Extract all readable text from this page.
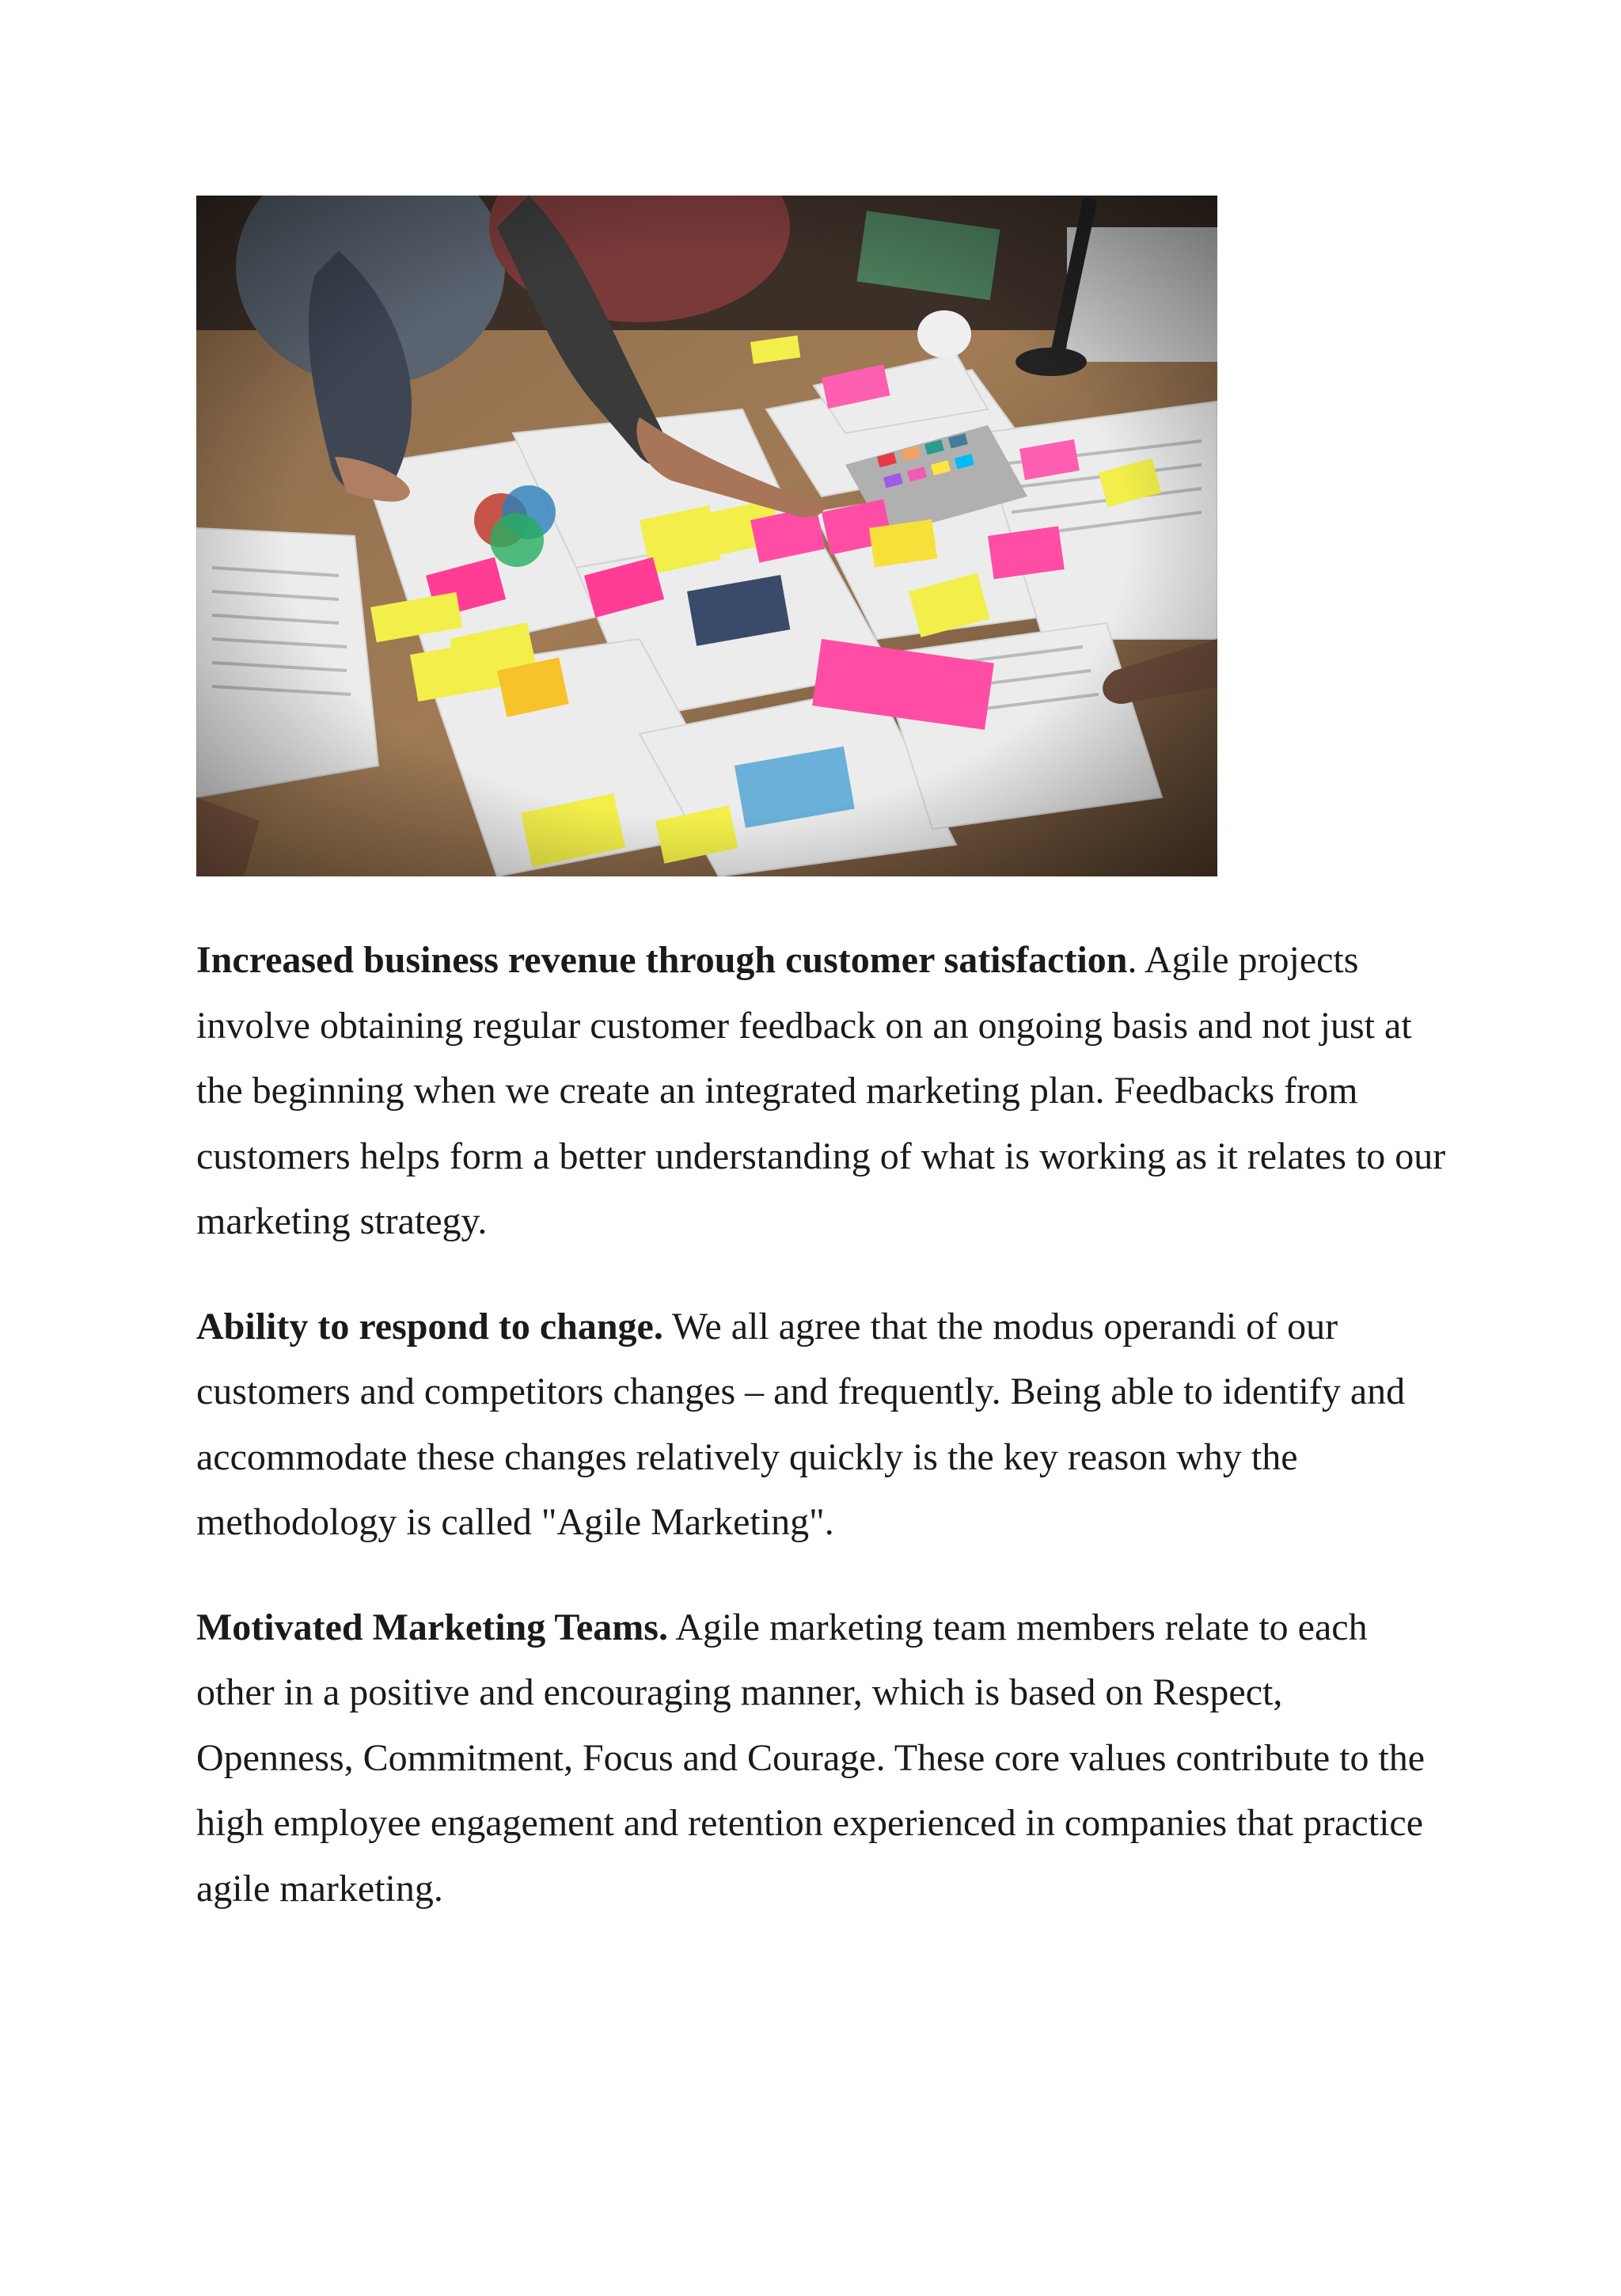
Increased business revenue through customer satisfaction. Agile projects involve obtaining regular customer feedback on an ongoing basis and not just at the beginning when we create an integrated marketing plan. Feedbacks from customers helps form a better understanding of what is working as it relates to our marketing strategy.

Ability to respond to change. We all agree that the modus operandi of our customers and competitors changes – and frequently. Being able to identify and accommodate these changes relatively quickly is the key reason why the methodology is called "Agile Marketing".

Motivated Marketing Teams. Agile marketing team members relate to each other in a positive and encouraging manner, which is based on Respect, Openness, Commitment, Focus and Courage. These core values contribute to the high employee engagement and retention experienced in companies that practice agile marketing.
